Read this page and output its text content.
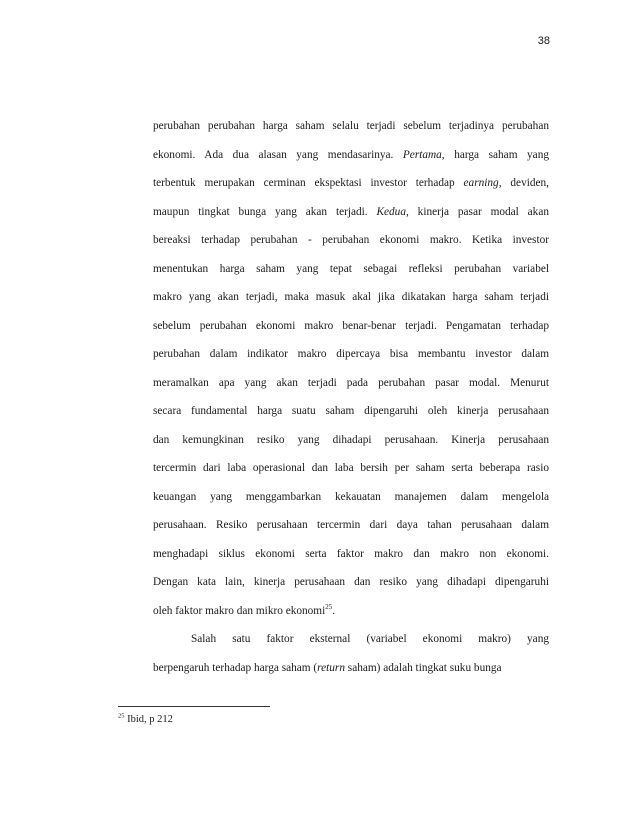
38
perubahan perubahan harga saham selalu terjadi sebelum terjadinya perubahan
ekonomi. Ada dua alasan yang mendasarinya. Pertama, harga saham yang
terbentuk merupakan cerminan ekspektasi investor terhadap earning, deviden,
maupun tingkat bunga yang akan terjadi. Kedua, kinerja pasar modal akan
bereaksi terhadap perubahan - perubahan ekonomi makro. Ketika investor
menentukan harga saham yang tepat sebagai refleksi perubahan variabel
makro yang akan terjadi, maka masuk akal jika dikatakan harga saham terjadi
sebelum perubahan ekonomi makro benar-benar terjadi. Pengamatan terhadap
perubahan dalam indikator makro dipercaya bisa membantu investor dalam
meramalkan apa yang akan terjadi pada perubahan pasar modal. Menurut
secara fundamental harga suatu saham dipengaruhi oleh kinerja perusahaan
dan kemungkinan resiko yang dihadapi perusahaan. Kinerja perusahaan
tercermin dari laba operasional dan laba bersih per saham serta beberapa rasio
keuangan yang menggambarkan kekauatan manajemen dalam mengelola
perusahaan. Resiko perusahaan tercermin dari daya tahan perusahaan dalam
menghadapi siklus ekonomi serta faktor makro dan makro non ekonomi.
Dengan kata lain, kinerja perusahaan dan resiko yang dihadapi dipengaruhi
oleh faktor makro dan mikro ekonomi$^{25}$.
Salah satu faktor eksternal (variabel ekonomi makro) yang
berpengaruh terhadap harga saham (return saham) adalah tingkat suku bunga
$^{25}$ Ibid, p 212
